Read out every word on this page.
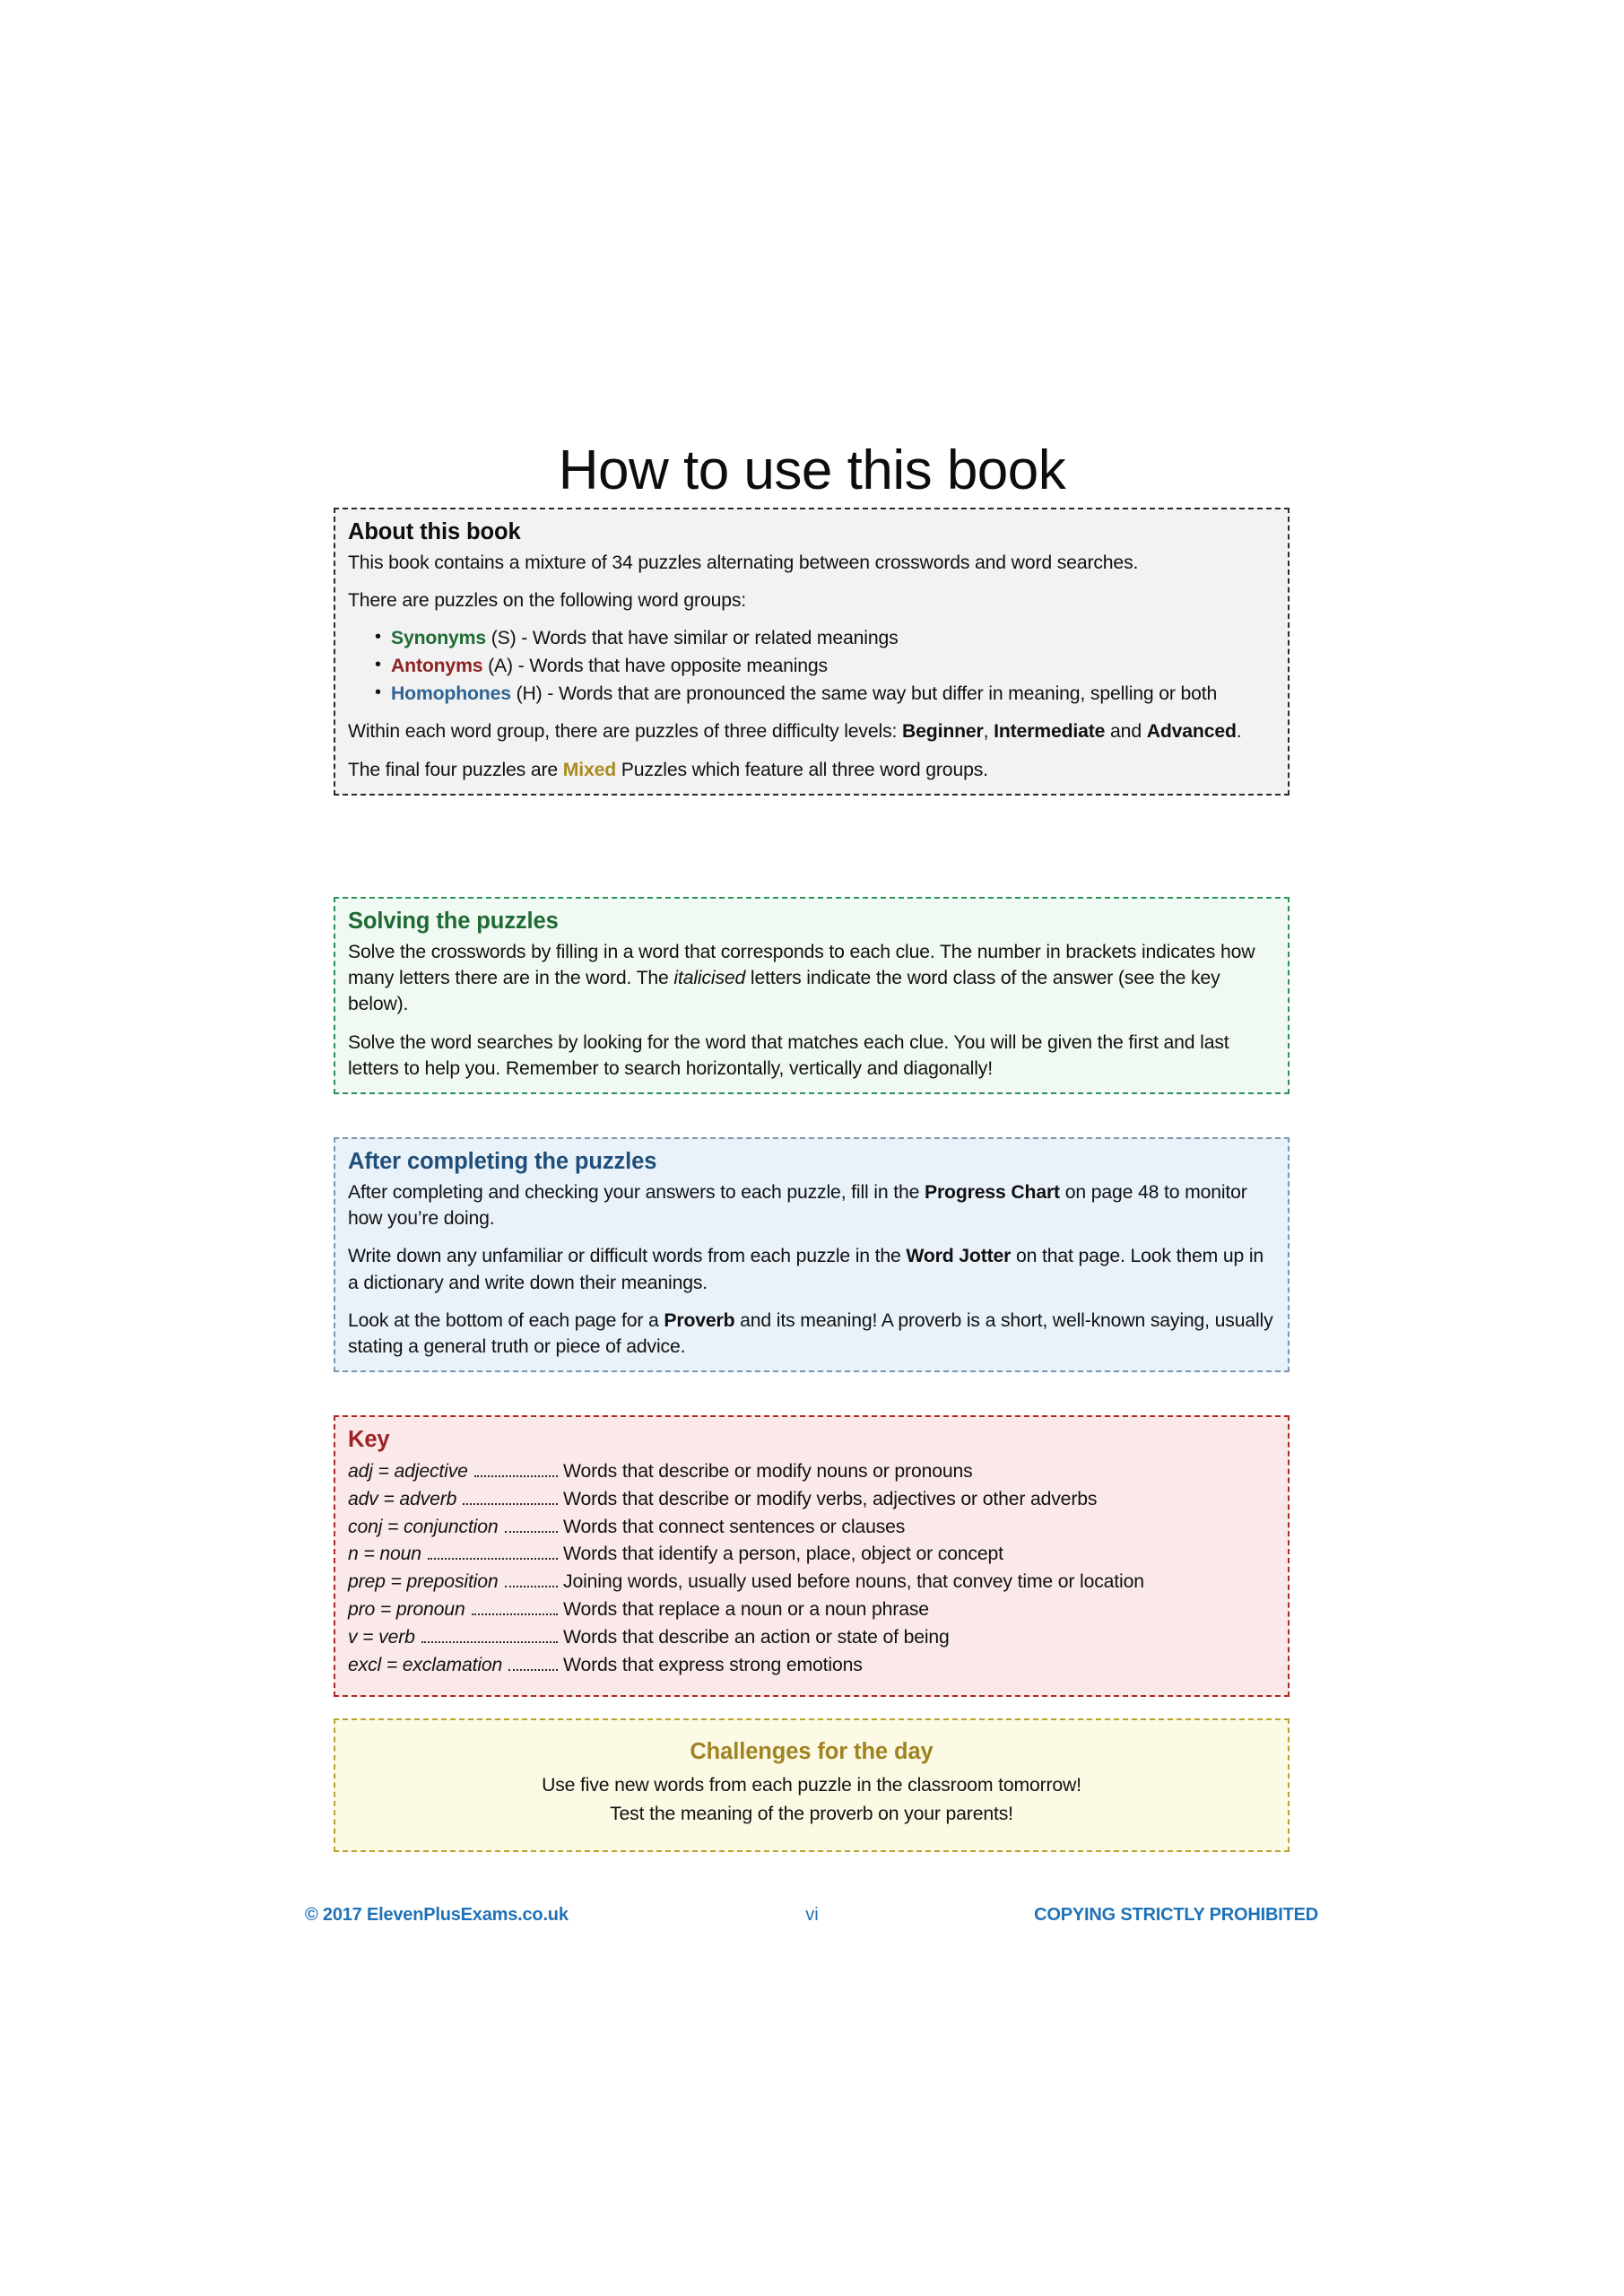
How to use this book
About this book

This book contains a mixture of 34 puzzles alternating between crosswords and word searches.

There are puzzles on the following word groups:

• Synonyms (S) - Words that have similar or related meanings
• Antonyms (A) - Words that have opposite meanings
• Homophones (H) - Words that are pronounced the same way but differ in meaning, spelling or both

Within each word group, there are puzzles of three difficulty levels: Beginner, Intermediate and Advanced.

The final four puzzles are Mixed Puzzles which feature all three word groups.

Solving the puzzles

Solve the crosswords by filling in a word that corresponds to each clue. The number in brackets indicates how many letters there are in the word. The italicised letters indicate the word class of the answer (see the key below).

Solve the word searches by looking for the word that matches each clue. You will be given the first and last letters to help you. Remember to search horizontally, vertically and diagonally!

After completing the puzzles

After completing and checking your answers to each puzzle, fill in the Progress Chart on page 48 to monitor how you’re doing.

Write down any unfamiliar or difficult words from each puzzle in the Word Jotter on that page. Look them up in a dictionary and write down their meanings.

Look at the bottom of each page for a Proverb and its meaning! A proverb is a short, well-known saying, usually stating a general truth or piece of advice.

Key
adj = adjective	Words that describe or modify nouns or pronouns
adv = adverb	Words that describe or modify verbs, adjectives or other adverbs
conj = conjunction	Words that connect sentences or clauses
n = noun	Words that identify a person, place, object or concept
prep = preposition	Joining words, usually used before nouns, that convey time or location
pro = pronoun	Words that replace a noun or a noun phrase
v = verb	Words that describe an action or state of being
excl = exclamation	Words that express strong emotions
Challenges for the day

Use five new words from each puzzle in the classroom tomorrow!

Test the meaning of the proverb on your parents!

© 2017 ElevenPlusExams.co.uk	COPYING STRICTLY PROHIBITED
vi
